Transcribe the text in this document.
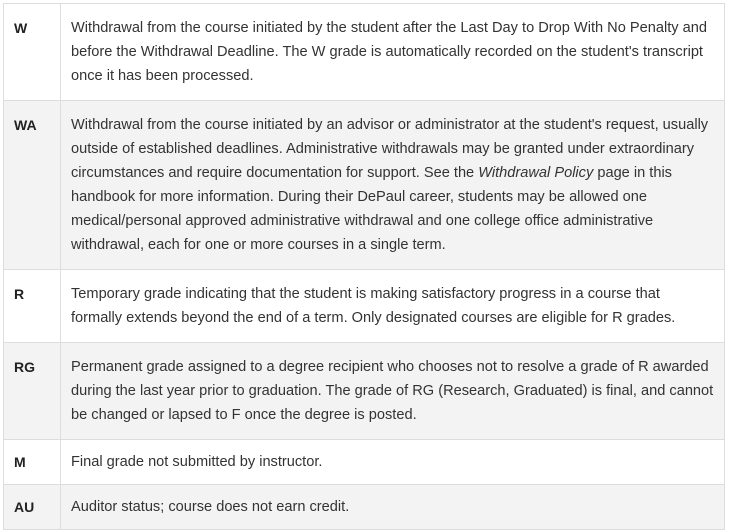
W	Withdrawal from the course initiated by the student after the Last Day to Drop With No Penalty and before the Withdrawal Deadline. The W grade is automatically recorded on the student's transcript once it has been processed.
WA	Withdrawal from the course initiated by an advisor or administrator at the student's request, usually outside of established deadlines. Administrative withdrawals may be granted under extraordinary circumstances and require documentation for support. See the Withdrawal Policy page in this handbook for more information. During their DePaul career, students may be allowed one medical/personal approved administrative withdrawal and one college office administrative withdrawal, each for one or more courses in a single term.
R	Temporary grade indicating that the student is making satisfactory progress in a course that formally extends beyond the end of a term. Only designated courses are eligible for R grades.
RG	Permanent grade assigned to a degree recipient who chooses not to resolve a grade of R awarded during the last year prior to graduation. The grade of RG (Research, Graduated) is final, and cannot be changed or lapsed to F once the degree is posted.
M	Final grade not submitted by instructor.
AU	Auditor status; course does not earn credit.
